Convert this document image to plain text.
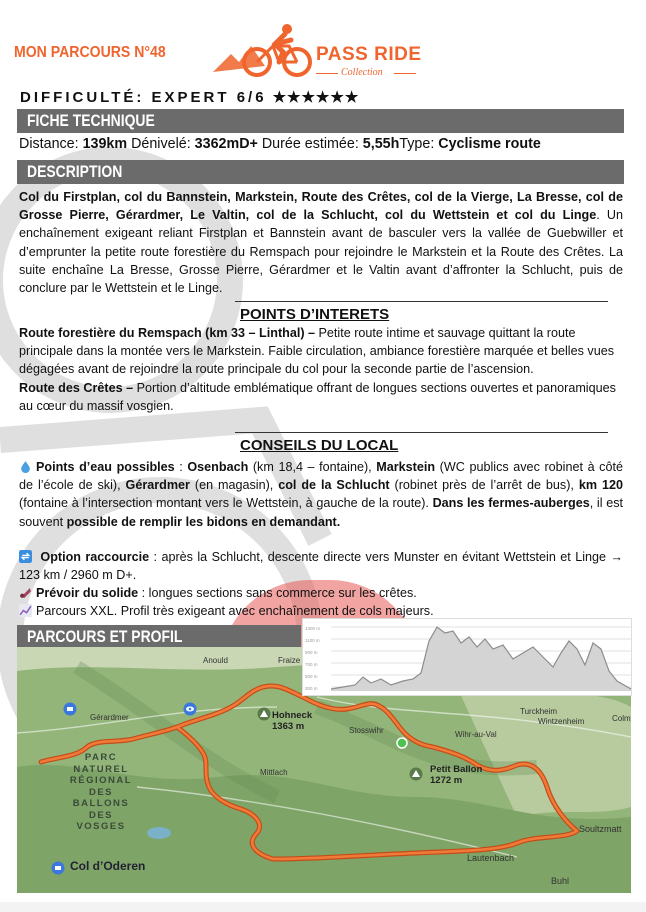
MON PARCOURS N°48	PASS RIDE
Collection
DIFFICULTÉ: EXPERT 6/6 ★★★★★★
FICHE TECHNIQUE
Distance: 139km Dénivelé: 3362mD+ Durée estimée: 5,55hType: Cyclisme route
DESCRIPTION
Col du Firstplan, col du Bannstein, Markstein, Route des Crêtes, col de la Vierge, La Bresse, col de Grosse Pierre, Gérardmer, Le Valtin, col de la Schlucht, col du Wettstein et col du Linge. Un enchaînement exigeant reliant Firstplan et Bannstein avant de basculer vers la vallée de Guebwiller et d’emprunter la petite route forestière du Remspach pour rejoindre le Markstein et la Route des Crêtes. La suite enchaîne La Bresse, Grosse Pierre, Gérardmer et le Valtin avant d’affronter la Schlucht, puis de conclure par le Wettstein et le Linge.
POINTS D’INTERETS
Route forestière du Remspach (km 33 – Linthal) – Petite route intime et sauvage quittant la route principale dans la montée vers le Markstein. Faible circulation, ambiance forestière marquée et belles vues dégagées avant de rejoindre la route principale du col pour la seconde partie de l’ascension.
Route des Crêtes – Portion d’altitude emblématique offrant de longues sections ouvertes et panoramiques au cœur du massif vosgien.
CONSEILS DU LOCAL
Points d’eau possibles : Osenbach (km 18,4 – fontaine), Markstein (WC publics avec robinet à côté de l’école de ski), Gérardmer (en magasin), col de la Schlucht (robinet près de l’arrêt de bus), km 120 (fontaine à l’intersection montant vers le Wettstein, à gauche de la route). Dans les fermes-auberges, il est souvent possible de remplir les bidons en demandant.
Option raccourcie : après la Schlucht, descente directe vers Munster en évitant Wettstein et Linge → 123 km / 2960 m D+.
Prévoir du solide : longues sections sans commerce sur les crêtes.
Parcours XXL. Profil très exigeant avec enchaînement de cols majeurs.
PARCOURS ET PROFIL
Anould	Fraize
Gérardmer	Hohneck
1363 m	Stosswihr	Wihr-au-Val
Turckheim
Wintzenheim	Colm
Mittlach	Petit Ballon
1272 m
Soultzmatt
Lautenbach
Buhl
PARC NATUREL RÉGIONAL DES BALLONS DES VOSGES
Col d’Oderen
1300 m
1100 m
900 m
700 m
500 m
300 m
